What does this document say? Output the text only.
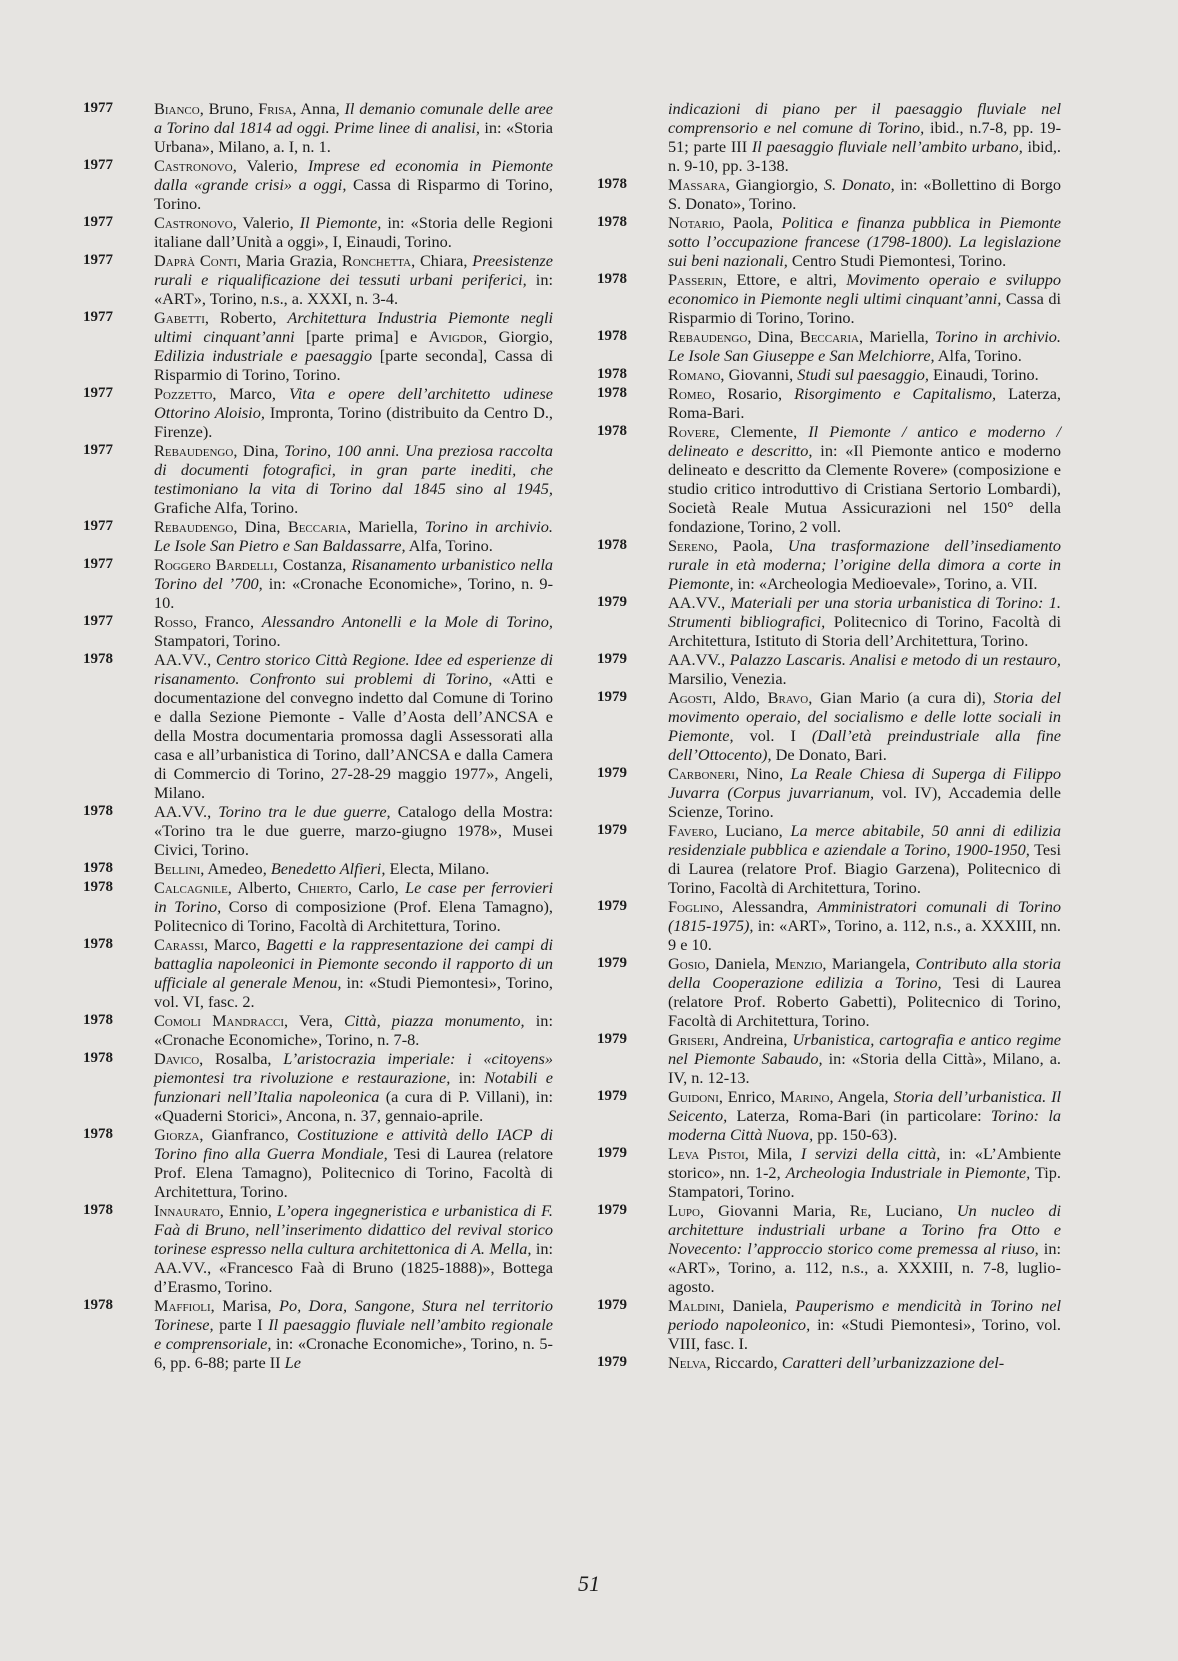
1977	Bianco, Bruno, Frisa, Anna, Il demanio comunale delle aree a Torino dal 1814 ad oggi. Prime linee di analisi, in: «Storia Urbana», Milano, a. I, n. 1.
1977	Castronovo, Valerio, Imprese ed economia in Piemonte dalla «grande crisi» a oggi, Cassa di Risparmo di Torino, Torino.
1977	Castronovo, Valerio, Il Piemonte, in: «Storia delle Regioni italiane dall’Unità a oggi», I, Einaudi, Torino.
1977	Daprà Conti, Maria Grazia, Ronchetta, Chiara, Preesistenze rurali e riqualificazione dei tessuti urbani periferici, in: «ART», Torino, n.s., a. XXXI, n. 3-4.
1977	Gabetti, Roberto, Architettura Industria Piemonte negli ultimi cinquant’anni [parte prima] e Avigdor, Giorgio, Edilizia industriale e paesaggio [parte seconda], Cassa di Risparmio di Torino, Torino.
1977	Pozzetto, Marco, Vita e opere dell’architetto udinese Ottorino Aloisio, Impronta, Torino (distribuito da Centro D., Firenze).
1977	Rebaudengo, Dina, Torino, 100 anni. Una preziosa raccolta di documenti fotografici, in gran parte inediti, che testimoniano la vita di Torino dal 1845 sino al 1945, Grafiche Alfa, Torino.
1977	Rebaudengo, Dina, Beccaria, Mariella, Torino in archivio. Le Isole San Pietro e San Baldassarre, Alfa, Torino.
1977	Roggero Bardelli, Costanza, Risanamento urbanistico nella Torino del ’700, in: «Cronache Economiche», Torino, n. 9-10.
1977	Rosso, Franco, Alessandro Antonelli e la Mole di Torino, Stampatori, Torino.
1978	AA.VV., Centro storico Città Regione. Idee ed esperienze di risanamento. Confronto sui problemi di Torino, «Atti e documentazione del convegno indetto dal Comune di Torino e dalla Sezione Piemonte - Valle d’Aosta dell’ANCSA e della Mostra documentaria promossa dagli Assessorati alla casa e all’urbanistica di Torino, dall’ANCSA e dalla Camera di Commercio di Torino, 27-28-29 maggio 1977», Angeli, Milano.
1978	AA.VV., Torino tra le due guerre, Catalogo della Mostra: «Torino tra le due guerre, marzo-giugno 1978», Musei Civici, Torino.
1978	Bellini, Amedeo, Benedetto Alfieri, Electa, Milano.
1978	Calcagnile, Alberto, Chierto, Carlo, Le case per ferrovieri in Torino, Corso di composizione (Prof. Elena Tamagno), Politecnico di Torino, Facoltà di Architettura, Torino.
1978	Carassi, Marco, Bagetti e la rappresentazione dei campi di battaglia napoleonici in Piemonte secondo il rapporto di un ufficiale al generale Menou, in: «Studi Piemontesi», Torino, vol. VI, fasc. 2.
1978	Comoli Mandracci, Vera, Città, piazza monumento, in: «Cronache Economiche», Torino, n. 7-8.
1978	Davico, Rosalba, L’aristocrazia imperiale: i «citoyens» piemontesi tra rivoluzione e restaurazione, in: Notabili e funzionari nell’Italia napoleonica (a cura di P. Villani), in: «Quaderni Storici», Ancona, n. 37, gennaio-aprile.
1978	Giorza, Gianfranco, Costituzione e attività dello IACP di Torino fino alla Guerra Mondiale, Tesi di Laurea (relatore Prof. Elena Tamagno), Politecnico di Torino, Facoltà di Architettura, Torino.
1978	Innaurato, Ennio, L’opera ingegneristica e urbanistica di F. Faà di Bruno, nell’inserimento didattico del revival storico torinese espresso nella cultura architettonica di A. Mella, in: AA.VV., «Francesco Faà di Bruno (1825-1888)», Bottega d’Erasmo, Torino.
1978	Maffioli, Marisa, Po, Dora, Sangone, Stura nel territorio Torinese, parte I Il paesaggio fluviale nell’ambito regionale e comprensoriale, in: «Cronache Economiche», Torino, n. 5-6, pp. 6-88; parte II Le
indicazioni di piano per il paesaggio fluviale nel comprensorio e nel comune di Torino, ibid., n.7-8, pp. 19-51; parte III Il paesaggio fluviale nell’ambito urbano, ibid,. n. 9-10, pp. 3-138.
1978	Massara, Giangiorgio, S. Donato, in: «Bollettino di Borgo S. Donato», Torino.
1978	Notario, Paola, Politica e finanza pubblica in Piemonte sotto l’occupazione francese (1798-1800). La legislazione sui beni nazionali, Centro Studi Piemontesi, Torino.
1978	Passerin, Ettore, e altri, Movimento operaio e sviluppo economico in Piemonte negli ultimi cinquant’anni, Cassa di Risparmio di Torino, Torino.
1978	Rebaudengo, Dina, Beccaria, Mariella, Torino in archivio. Le Isole San Giuseppe e San Melchiorre, Alfa, Torino.
1978	Romano, Giovanni, Studi sul paesaggio, Einaudi, Torino.
1978	Romeo, Rosario, Risorgimento e Capitalismo, Laterza, Roma-Bari.
1978	Rovere, Clemente, Il Piemonte / antico e moderno / delineato e descritto, in: «Il Piemonte antico e moderno delineato e descritto da Clemente Rovere» (composizione e studio critico introduttivo di Cristiana Sertorio Lombardi), Società Reale Mutua Assicurazioni nel 150° della fondazione, Torino, 2 voll.
1978	Sereno, Paola, Una trasformazione dell’insediamento rurale in età moderna; l’origine della dimora a corte in Piemonte, in: «Archeologia Medioevale», Torino, a. VII.
1979	AA.VV., Materiali per una storia urbanistica di Torino: 1. Strumenti bibliografici, Politecnico di Torino, Facoltà di Architettura, Istituto di Storia dell’Architettura, Torino.
1979	AA.VV., Palazzo Lascaris. Analisi e metodo di un restauro, Marsilio, Venezia.
1979	Agosti, Aldo, Bravo, Gian Mario (a cura di), Storia del movimento operaio, del socialismo e delle lotte sociali in Piemonte, vol. I (Dall’età preindustriale alla fine dell’Ottocento), De Donato, Bari.
1979	Carboneri, Nino, La Reale Chiesa di Superga di Filippo Juvarra (Corpus juvarrianum, vol. IV), Accademia delle Scienze, Torino.
1979	Favero, Luciano, La merce abitabile, 50 anni di edilizia residenziale pubblica e aziendale a Torino, 1900-1950, Tesi di Laurea (relatore Prof. Biagio Garzena), Politecnico di Torino, Facoltà di Architettura, Torino.
1979	Foglino, Alessandra, Amministratori comunali di Torino (1815-1975), in: «ART», Torino, a. 112, n.s., a. XXXIII, nn. 9 e 10.
1979	Gosio, Daniela, Menzio, Mariangela, Contributo alla storia della Cooperazione edilizia a Torino, Tesi di Laurea (relatore Prof. Roberto Gabetti), Politecnico di Torino, Facoltà di Architettura, Torino.
1979	Griseri, Andreina, Urbanistica, cartografia e antico regime nel Piemonte Sabaudo, in: «Storia della Città», Milano, a. IV, n. 12-13.
1979	Guidoni, Enrico, Marino, Angela, Storia dell’urbanistica. Il Seicento, Laterza, Roma-Bari (in particolare: Torino: la moderna Città Nuova, pp. 150-63).
1979	Leva Pistoi, Mila, I servizi della città, in: «L’Ambiente storico», nn. 1-2, Archeologia Industriale in Piemonte, Tip. Stampatori, Torino.
1979	Lupo, Giovanni Maria, Re, Luciano, Un nucleo di architetture industriali urbane a Torino fra Otto e Novecento: l’approccio storico come premessa al riuso, in: «ART», Torino, a. 112, n.s., a. XXXIII, n. 7-8, luglio-agosto.
1979	Maldini, Daniela, Pauperismo e mendicità in Torino nel periodo napoleonico, in: «Studi Piemontesi», Torino, vol. VIII, fasc. I.
1979	Nelva, Riccardo, Caratteri dell’urbanizzazione del-
51
